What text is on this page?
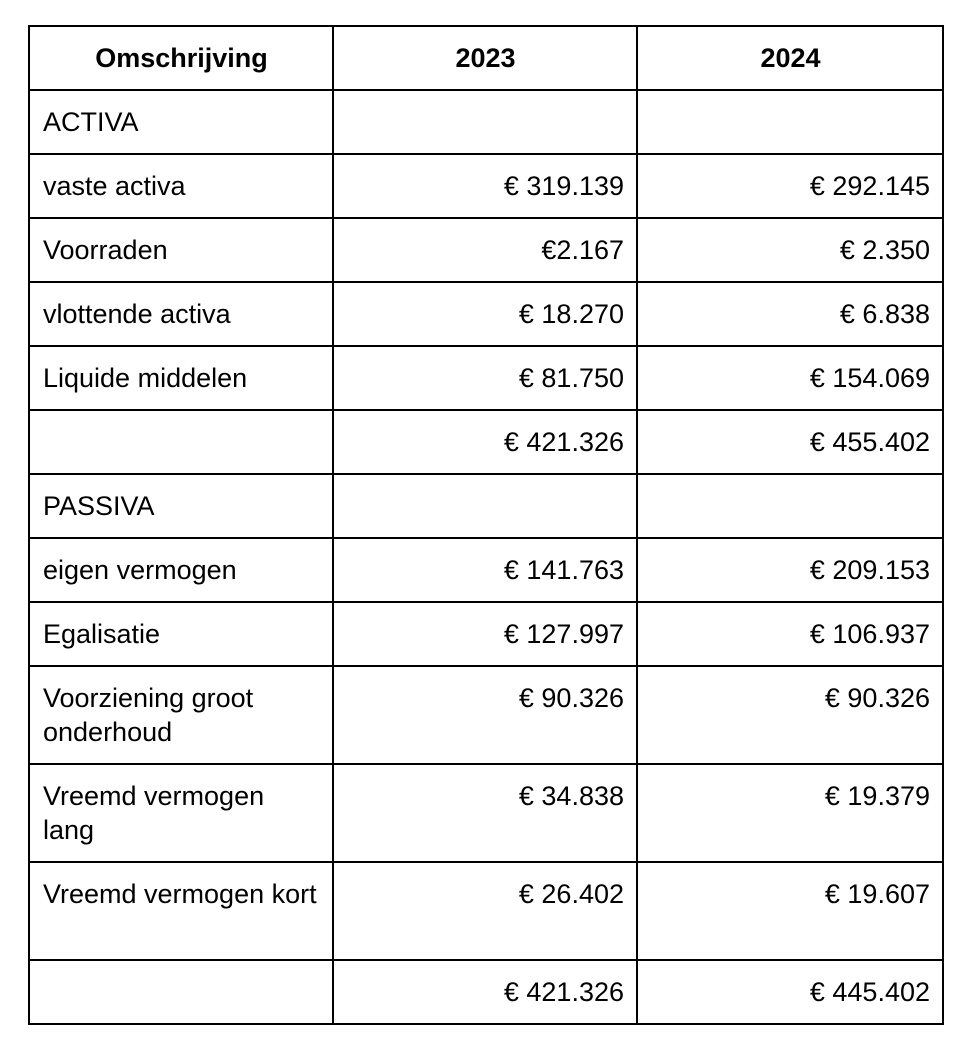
Omschrijving	2023	2024
ACTIVA		
vaste activa	€ 319.139	€ 292.145
Voorraden	€2.167	€ 2.350
vlottende activa	€ 18.270	€ 6.838
Liquide middelen	€ 81.750	€ 154.069
	€ 421.326	€ 455.402
PASSIVA		
eigen vermogen	€ 141.763	€ 209.153
Egalisatie	€ 127.997	€ 106.937
Voorziening groot onderhoud	€ 90.326	€ 90.326
Vreemd vermogen lang	€ 34.838	€ 19.379
Vreemd vermogen kort	€ 26.402	€ 19.607
	€ 421.326	€ 445.402
